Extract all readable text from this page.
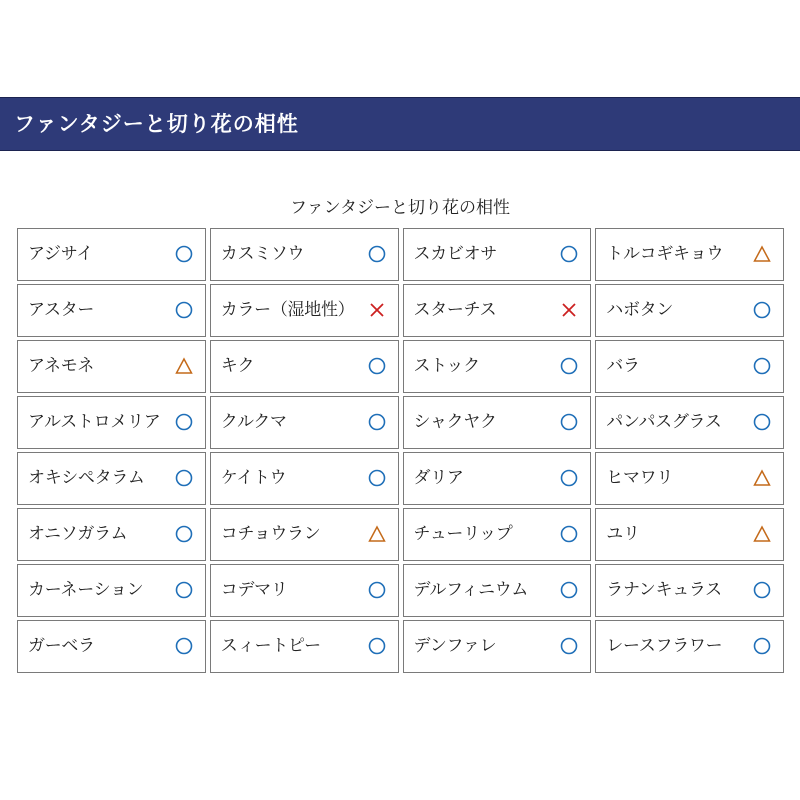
ファンタジーと切り花の相性
ファンタジーと切り花の相性
アジサイ	カスミソウ	スカビオサ	トルコギキョウ
アスター	カラー（湿地性）	スターチス	ハボタン
アネモネ	キク	ストック	バラ
アルストロメリア	クルクマ	シャクヤク	パンパスグラス
オキシペタラム	ケイトウ	ダリア	ヒマワリ
オニソガラム	コチョウラン	チューリップ	ユリ
カーネーション	コデマリ	デルフィニウム	ラナンキュラス
ガーベラ	スィートピー	デンファレ	レースフラワー
